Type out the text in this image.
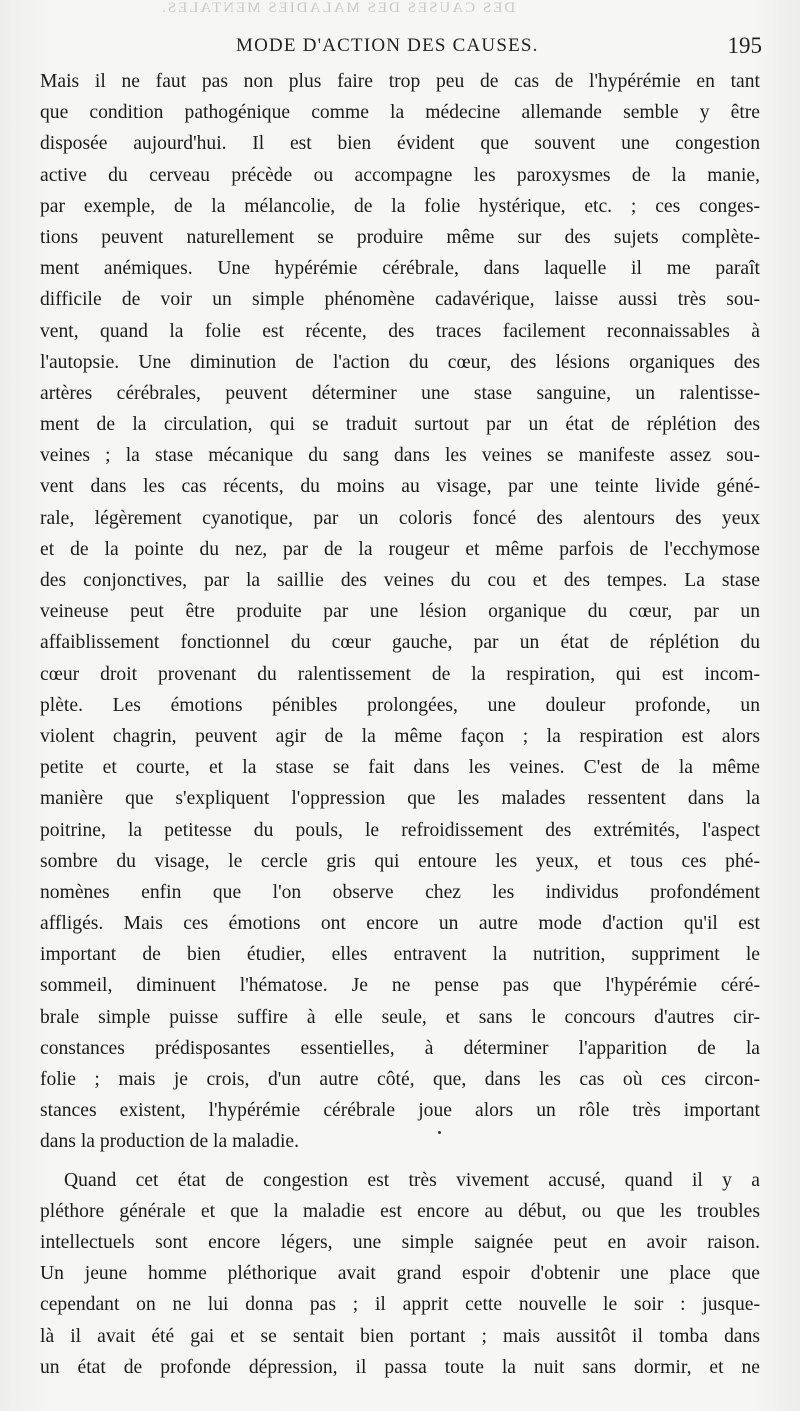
DES CAUSES DES MALADIES MENTALES.
MODE D'ACTION DES CAUSES.	195
Mais il ne faut pas non plus faire trop peu de cas de l'hypérémie en tant
que condition pathogénique comme la médecine allemande semble y être
disposée aujourd'hui. Il est bien évident que souvent une congestion
active du cerveau précède ou accompagne les paroxysmes de la manie,
par exemple, de la mélancolie, de la folie hystérique, etc. ; ces conges-
tions peuvent naturellement se produire même sur des sujets complète-
ment anémiques. Une hypérémie cérébrale, dans laquelle il me paraît
difficile de voir un simple phénomène cadavérique, laisse aussi très sou-
vent, quand la folie est récente, des traces facilement reconnaissables à
l'autopsie. Une diminution de l'action du cœur, des lésions organiques des
artères cérébrales, peuvent déterminer une stase sanguine, un ralentisse-
ment de la circulation, qui se traduit surtout par un état de réplétion des
veines ; la stase mécanique du sang dans les veines se manifeste assez sou-
vent dans les cas récents, du moins au visage, par une teinte livide géné-
rale, légèrement cyanotique, par un coloris foncé des alentours des yeux
et de la pointe du nez, par de la rougeur et même parfois de l'ecchymose
des conjonctives, par la saillie des veines du cou et des tempes. La stase
veineuse peut être produite par une lésion organique du cœur, par un
affaiblissement fonctionnel du cœur gauche, par un état de réplétion du
cœur droit provenant du ralentissement de la respiration, qui est incom-
plète. Les émotions pénibles prolongées, une douleur profonde, un
violent chagrin, peuvent agir de la même façon ; la respiration est alors
petite et courte, et la stase se fait dans les veines. C'est de la même
manière que s'expliquent l'oppression que les malades ressentent dans la
poitrine, la petitesse du pouls, le refroidissement des extrémités, l'aspect
sombre du visage, le cercle gris qui entoure les yeux, et tous ces phé-
nomènes enfin que l'on observe chez les individus profondément
affligés. Mais ces émotions ont encore un autre mode d'action qu'il est
important de bien étudier, elles entravent la nutrition, suppriment le
sommeil, diminuent l'hématose. Je ne pense pas que l'hypérémie céré-
brale simple puisse suffire à elle seule, et sans le concours d'autres cir-
constances prédisposantes essentielles, à déterminer l'apparition de la
folie ; mais je crois, d'un autre côté, que, dans les cas où ces circon-
stances existent, l'hypérémie cérébrale joue alors un rôle très important
dans la production de la maladie.
Quand cet état de congestion est très vivement accusé, quand il y a
pléthore générale et que la maladie est encore au début, ou que les troubles
intellectuels sont encore légers, une simple saignée peut en avoir raison.
Un jeune homme pléthorique avait grand espoir d'obtenir une place que
cependant on ne lui donna pas ; il apprit cette nouvelle le soir : jusque-
là il avait été gai et se sentait bien portant ; mais aussitôt il tomba dans
un état de profonde dépression, il passa toute la nuit sans dormir, et ne
